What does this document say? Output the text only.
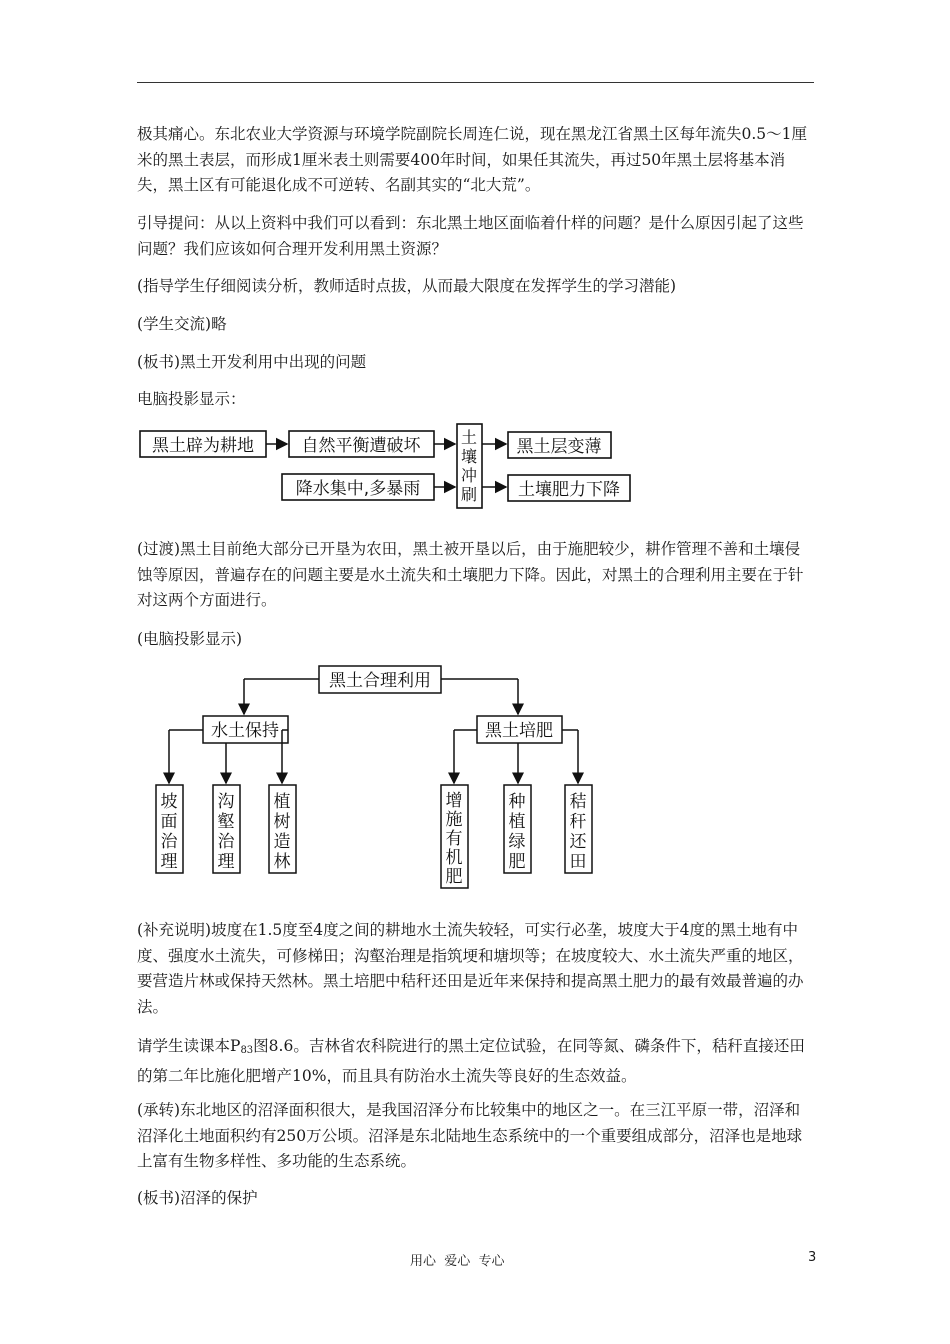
极其痛心。东北农业大学资源与环境学院副院长周连仁说，现在黑龙江省黑土区每年流失0.5～1厘米的黑土表层，而形成1厘米表土则需要400年时间，如果任其流失，再过50年黑土层将基本消失，黑土区有可能退化成不可逆转、名副其实的“北大荒”。

引导提问：从以上资料中我们可以看到：东北黑土地区面临着什样的问题？是什么原因引起了这些问题？我们应该如何合理开发利用黑土资源？

(指导学生仔细阅读分析，教师适时点拔，从而最大限度在发挥学生的学习潜能)

(学生交流)略

(板书)黑土开发利用中出现的问题

电脑投影显示：

黑土辟为耕地	自然平衡遭破坏
降水集中,多暴雨
土
壤
冲
刷
黑土层变薄
土壤肥力下降

(过渡)黑土目前绝大部分已开垦为农田，黑土被开垦以后，由于施肥较少，耕作管理不善和土壤侵蚀等原因，普遍存在的问题主要是水土流失和土壤肥力下降。因此，对黑土的合理利用主要在于针对这两个方面进行。

(电脑投影显示)

黑土合理利用
水土保持	黑土培肥
坡
面
治
理
沟
壑
治
理
植
树
造
林
增
施
有
机
肥
种
植
绿
肥
秸
秆
还
田

(补充说明)坡度在1.5度至4度之间的耕地水土流失较轻，可实行必垄，坡度大于4度的黑土地有中度、强度水土流失，可修梯田；沟壑治理是指筑埂和塘坝等；在坡度较大、水土流失严重的地区，要营造片林或保持天然林。黑土培肥中秸秆还田是近年来保持和提高黑土肥力的最有效最普遍的办法。

请学生读课本$P_{83}$图8.6。吉林省农科院进行的黑土定位试验，在同等氮、磷条件下，秸秆直接还田的第二年比施化肥增产10%，而且具有防治水土流失等良好的生态效益。

(承转)东北地区的沼泽面积很大，是我国沼泽分布比较集中的地区之一。在三江平原一带，沼泽和沼泽化土地面积约有250万公顷。沼泽是东北陆地生态系统中的一个重要组成部分，沼泽也是地球上富有生物多样性、多功能的生态系统。

(板书)沼泽的保护

用心  爱心  专心	3
